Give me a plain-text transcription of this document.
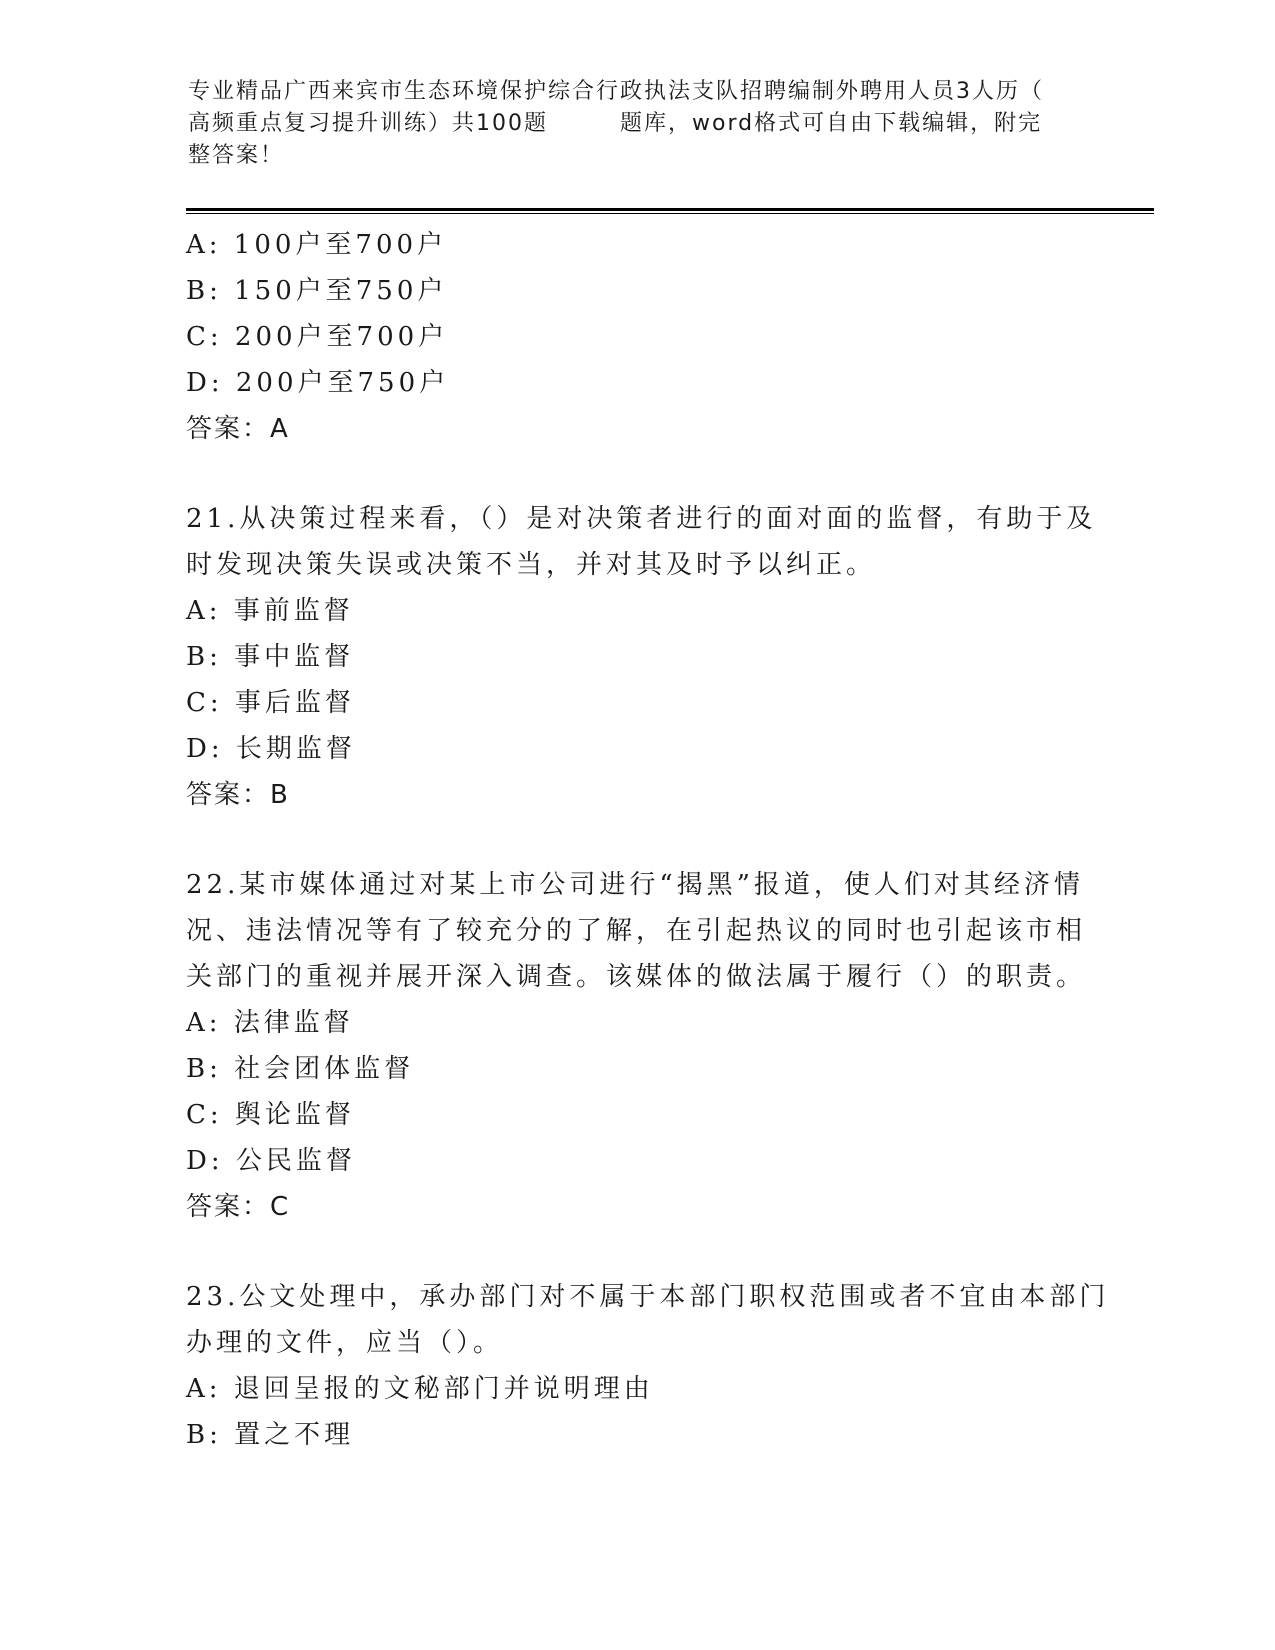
专业精品广西来宾市生态环境保护综合行政执法支队招聘编制外聘用人员3人历（
高频重点复习提升训练）共100题　　　题库，word格式可自由下载编辑，附完
整答案！
A: 100户至700户
B: 150户至750户
C: 200户至700户
D: 200户至750户
答案：A
21.从决策过程来看，（）是对决策者进行的面对面的监督，有助于及
时发现决策失误或决策不当，并对其及时予以纠正。
A: 事前监督
B: 事中监督
C: 事后监督
D: 长期监督
答案：B
22.某市媒体通过对某上市公司进行“揭黑”报道，使人们对其经济情
况、违法情况等有了较充分的了解，在引起热议的同时也引起该市相
关部门的重视并展开深入调查。该媒体的做法属于履行（）的职责。
A: 法律监督
B: 社会团体监督
C: 舆论监督
D: 公民监督
答案：C
23.公文处理中，承办部门对不属于本部门职权范围或者不宜由本部门
办理的文件，应当（）。
A: 退回呈报的文秘部门并说明理由
B: 置之不理
